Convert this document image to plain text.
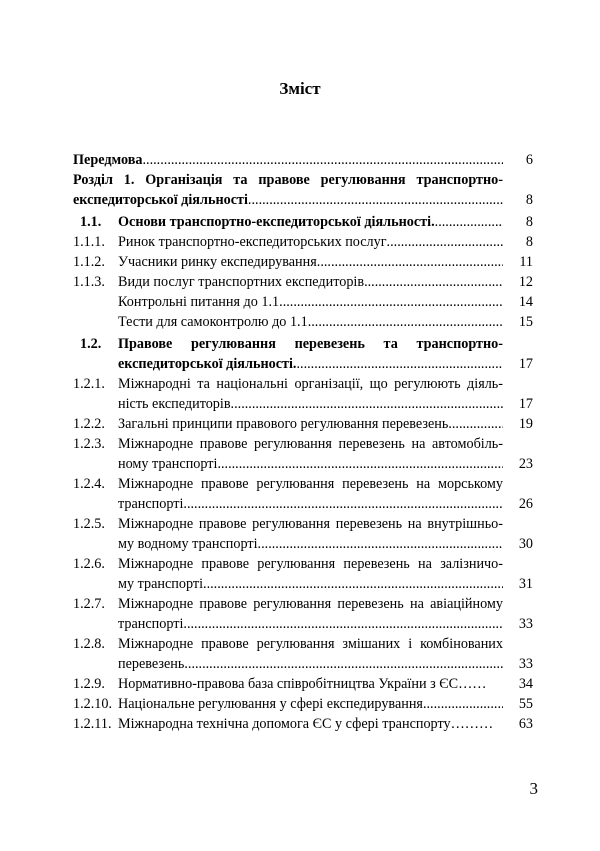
Зміст
Передмова .....	6
Розділ 1. Організація та правове регулювання транспортно-
експедиторської діяльності .....	8
1.1. Основи транспортно-експедиторської діяльності. .....	8
1.1.1. Ринок транспортно-експедиторських послуг .....	8
1.1.2. Учасники ринку експедирування .....	11
1.1.3. Види послуг транспортних експедиторів .....	12
Контрольні питання до 1.1 .....	14
Тести для самоконтролю до 1.1 .....	15
1.2. Правове регулювання перевезень та транспортно-
експедиторської діяльності. .....	17
1.2.1. Міжнародні та національні організації, що регулюють діяль-
ність експедиторів .....	17
1.2.2. Загальні принципи правового регулювання перевезень .....	19
1.2.3. Міжнародне правове регулювання перевезень на автомобіль-
ному транспорті .....	23
1.2.4. Міжнародне правове регулювання перевезень на морському
транспорті .....	26
1.2.5. Міжнародне правове регулювання перевезень на внутрішньо-
му водному транспорті .....	30
1.2.6. Міжнародне правове регулювання перевезень на залізничо-
му транспорті .....	31
1.2.7. Міжнародне правове регулювання перевезень на авіаційному
транспорті .....	33
1.2.8. Міжнародне правове регулювання змішаних і комбінованих
перевезень .....	33
1.2.9. Нормативно-правова база співробітництва України з ЄС……	34
1.2.10. Національне регулювання у сфері експедирування .....	55
1.2.11. Міжнародна технічна допомога ЄС у сфері транспорту………	63
3
